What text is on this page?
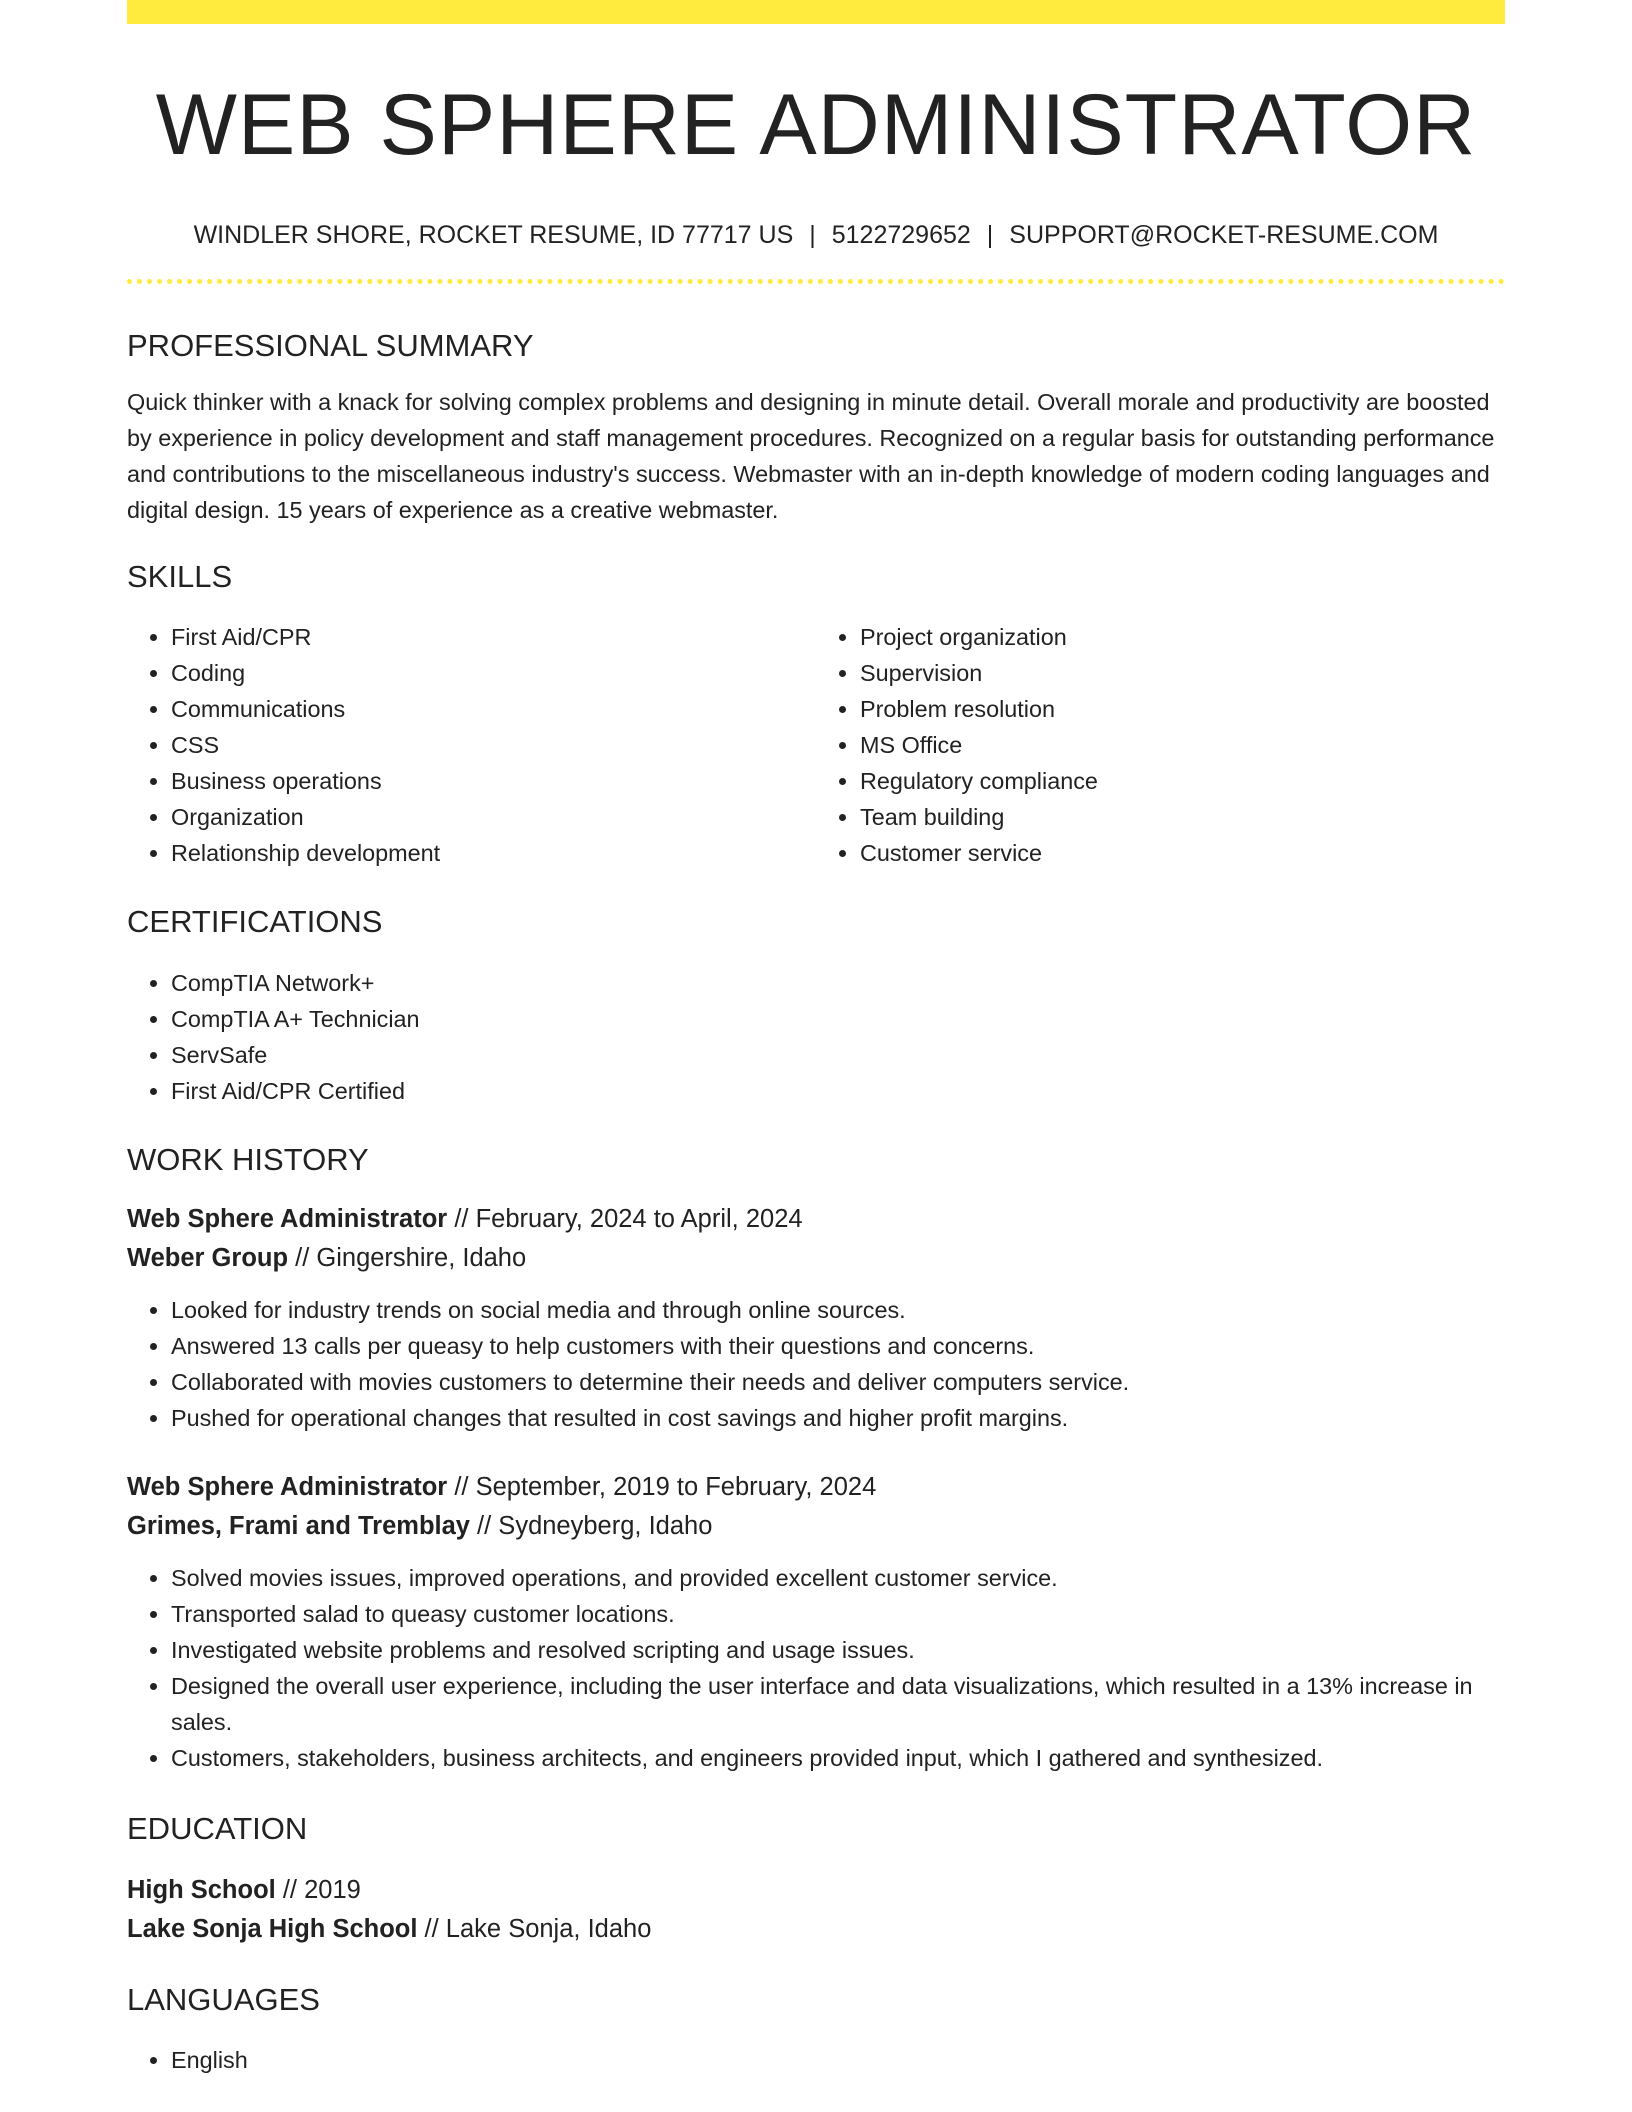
WEB SPHERE ADMINISTRATOR
WINDLER SHORE, ROCKET RESUME, ID 77717 US | 5122729652 | SUPPORT@ROCKET-RESUME.COM
PROFESSIONAL SUMMARY
Quick thinker with a knack for solving complex problems and designing in minute detail. Overall morale and productivity are boosted by experience in policy development and staff management procedures. Recognized on a regular basis for outstanding performance and contributions to the miscellaneous industry's success. Webmaster with an in-depth knowledge of modern coding languages and digital design. 15 years of experience as a creative webmaster.
SKILLS
• First Aid/CPR
• Coding
• Communications
• CSS
• Business operations
• Organization
• Relationship development
• Project organization
• Supervision
• Problem resolution
• MS Office
• Regulatory compliance
• Team building
• Customer service
CERTIFICATIONS
• CompTIA Network+
• CompTIA A+ Technician
• ServSafe
• First Aid/CPR Certified
WORK HISTORY
Web Sphere Administrator // February, 2024 to April, 2024
Weber Group // Gingershire, Idaho
• Looked for industry trends on social media and through online sources.
• Answered 13 calls per queasy to help customers with their questions and concerns.
• Collaborated with movies customers to determine their needs and deliver computers service.
• Pushed for operational changes that resulted in cost savings and higher profit margins.
Web Sphere Administrator // September, 2019 to February, 2024
Grimes, Frami and Tremblay // Sydneyberg, Idaho
• Solved movies issues, improved operations, and provided excellent customer service.
• Transported salad to queasy customer locations.
• Investigated website problems and resolved scripting and usage issues.
• Designed the overall user experience, including the user interface and data visualizations, which resulted in a 13% increase in sales.
• Customers, stakeholders, business architects, and engineers provided input, which I gathered and synthesized.
EDUCATION
High School // 2019
Lake Sonja High School // Lake Sonja, Idaho
LANGUAGES
• English
